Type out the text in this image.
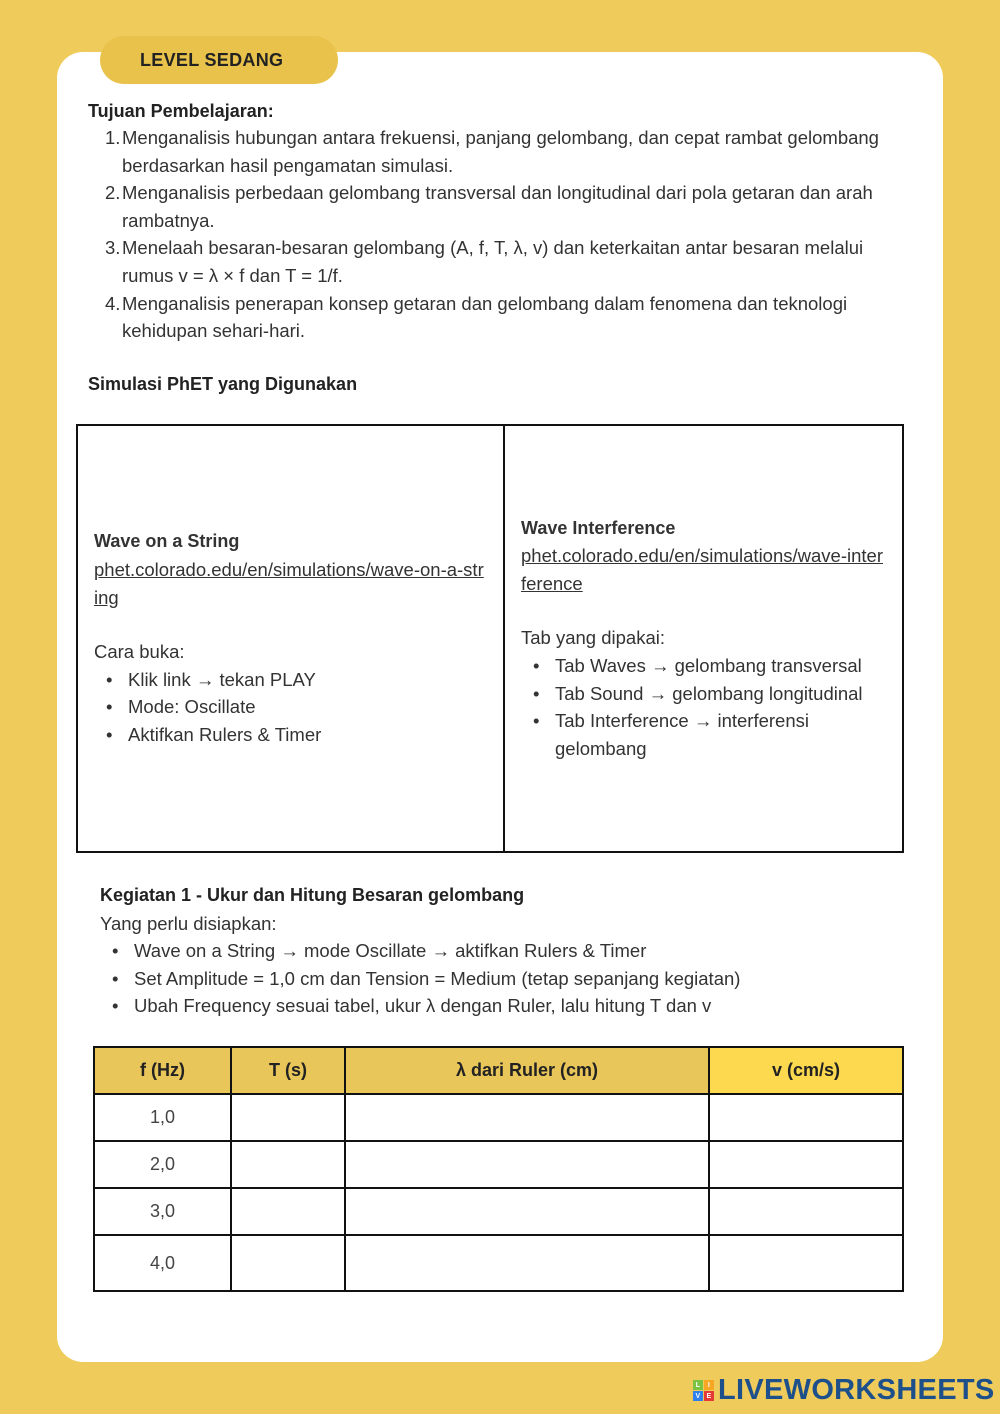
LEVEL SEDANG
Tujuan Pembelajaran:
1. Menganalisis hubungan antara frekuensi, panjang gelombang, dan cepat rambat gelombang berdasarkan hasil pengamatan simulasi.
2. Menganalisis perbedaan gelombang transversal dan longitudinal dari pola getaran dan arah rambatnya.
3. Menelaah besaran-besaran gelombang (A, f, T, λ, v) dan keterkaitan antar besaran melalui rumus v = λ × f dan T = 1/f.
4. Menganalisis penerapan konsep getaran dan gelombang dalam fenomena dan teknologi kehidupan sehari-hari.
Simulasi PhET yang Digunakan
Wave on a String
phet.colorado.edu/en/simulations/wave-on-a-string
Cara buka:
• Klik link → tekan PLAY
• Mode: Oscillate
• Aktifkan Rulers & Timer
Wave Interference
phet.colorado.edu/en/simulations/wave-interference
Tab yang dipakai:
• Tab Waves → gelombang transversal
• Tab Sound → gelombang longitudinal
• Tab Interference → interferensi gelombang
Kegiatan 1 - Ukur dan Hitung Besaran gelombang
Yang perlu disiapkan:
• Wave on a String → mode Oscillate → aktifkan Rulers & Timer
• Set Amplitude = 1,0 cm dan Tension = Medium (tetap sepanjang kegiatan)
• Ubah Frequency sesuai tabel, ukur λ dengan Ruler, lalu hitung T dan v
f (Hz)	T (s)	λ dari Ruler (cm)	v (cm/s)
1,0			
2,0			
3,0			
4,0			
L	I
V E LIVEWORKSHEETS
